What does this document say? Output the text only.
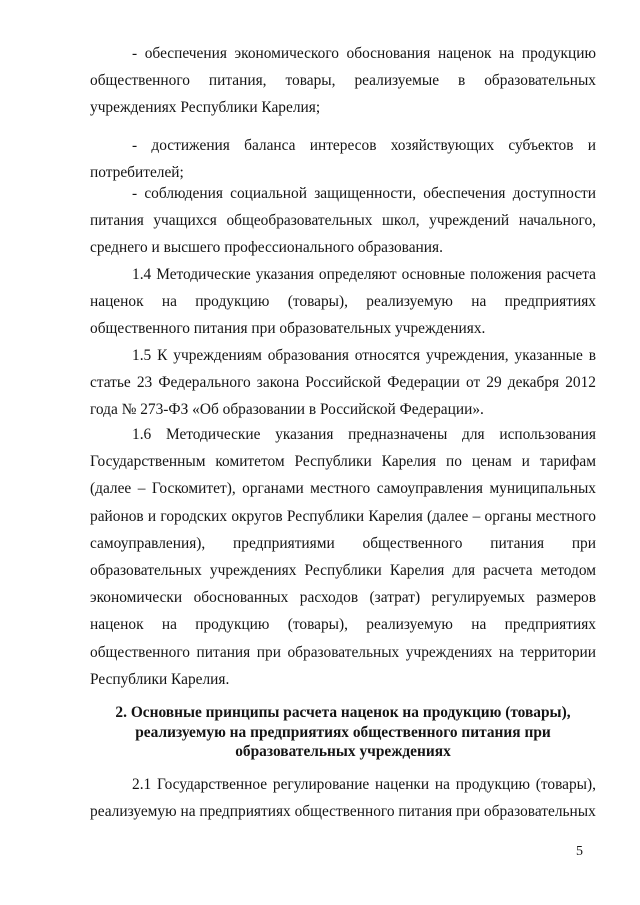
- обеспечения экономического обоснования наценок на продукцию общественного питания, товары, реализуемые в образовательных учреждениях Республики Карелия;

- достижения баланса интересов хозяйствующих субъектов и потребителей;

- соблюдения социальной защищенности, обеспечения доступности питания учащихся общеобразовательных школ, учреждений начального, среднего и высшего профессионального образования.

1.4 Методические указания определяют основные положения расчета наценок на продукцию (товары), реализуемую на предприятиях общественного питания при образовательных учреждениях.

1.5 К учреждениям образования относятся учреждения, указанные в статье 23 Федерального закона Российской Федерации от 29 декабря 2012 года № 273-ФЗ «Об образовании в Российской Федерации».

1.6 Методические указания предназначены для использования Государственным комитетом Республики Карелия по ценам и тарифам (далее – Госкомитет), органами местного самоуправления муниципальных районов и городских округов Республики Карелия (далее – органы местного самоуправления), предприятиями общественного питания при образовательных учреждениях Республики Карелия для расчета методом экономически обоснованных расходов (затрат) регулируемых размеров наценок на продукцию (товары), реализуемую на предприятиях общественного питания при образовательных учреждениях на территории Республики Карелия.

2. Основные принципы расчета наценок на продукцию (товары), реализуемую на предприятиях общественного питания при образовательных учреждениях

2.1 Государственное регулирование наценки на продукцию (товары), реализуемую на предприятиях общественного питания при образовательных

5
